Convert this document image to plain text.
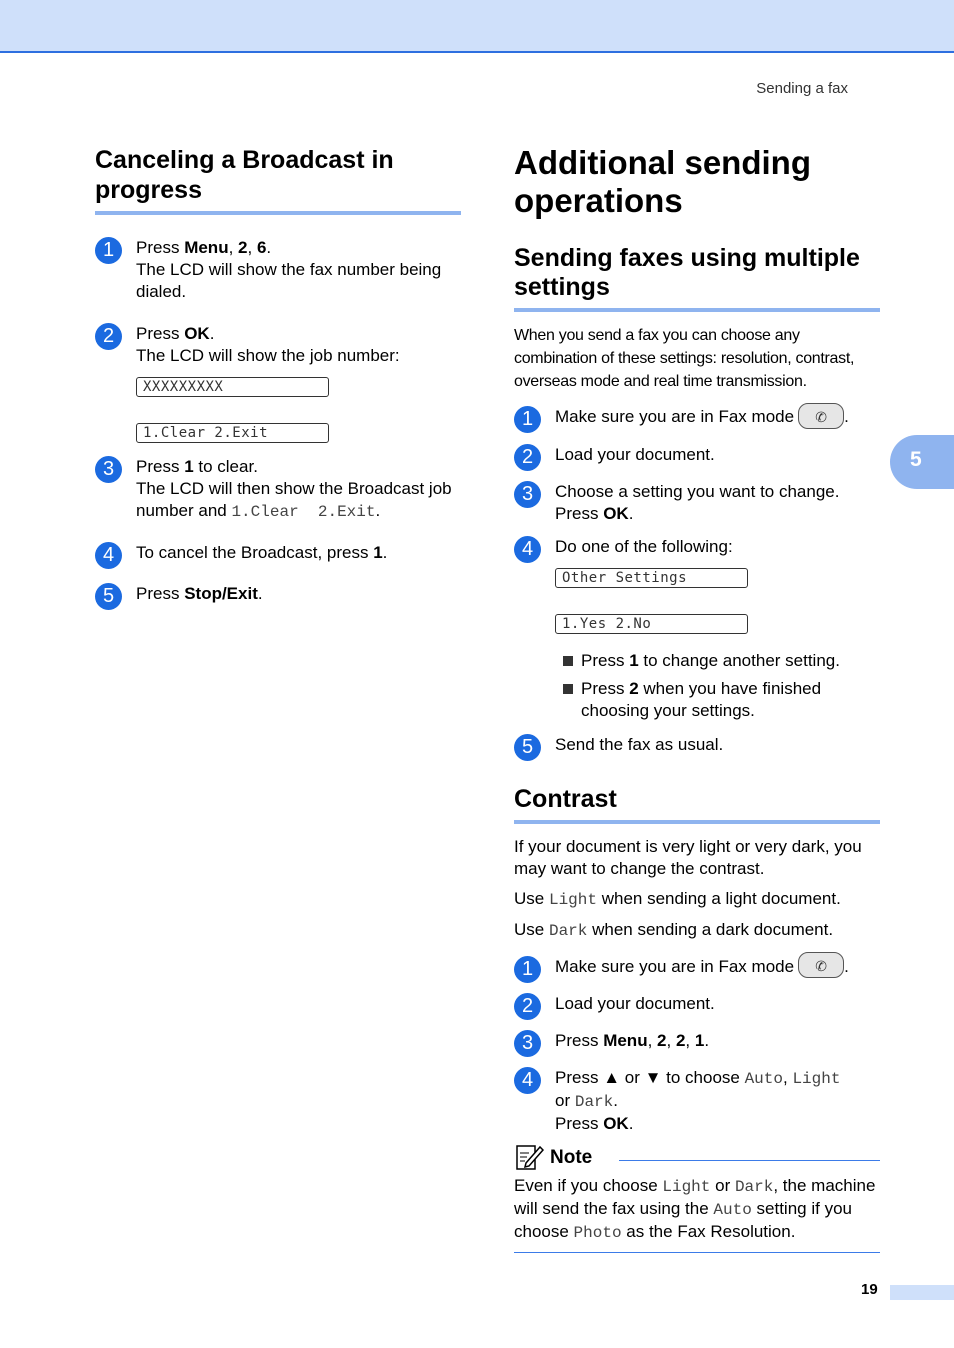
Sending a fax
5
Canceling a Broadcast in progress
1	Press Menu, 2, 6.
The LCD will show the fax number being dialed.
2	Press OK.
The LCD will show the job number:
XXXXXXXXX
1.Clear 2.Exit
3	Press 1 to clear.
The LCD will then show the Broadcast job number and 1.Clear  2.Exit.
4	To cancel the Broadcast, press 1.
5	Press Stop/Exit.
Additional sending operations
Sending faxes using multiple settings
When you send a fax you can choose any combination of these settings: resolution, contrast, overseas mode and real time transmission.
1	Make sure you are in Fax mode	✆	.
2	Load your document.
3	Choose a setting you want to change.
Press OK.
4	Do one of the following:
Other Settings
1.Yes 2.No
Press 1 to change another setting.
Press 2 when you have finished choosing your settings.
5	Send the fax as usual.
Contrast
If your document is very light or very dark, you may want to change the contrast.
Use Light when sending a light document.
Use Dark when sending a dark document.
1	Make sure you are in Fax mode	✆	.
2	Load your document.
3	Press Menu, 2, 2, 1.
4	Press ▲ or ▼ to choose Auto, Light
or Dark.
Press OK.
Note
Even if you choose Light or Dark, the machine will send the fax using the Auto setting if you choose Photo as the Fax Resolution.
19
